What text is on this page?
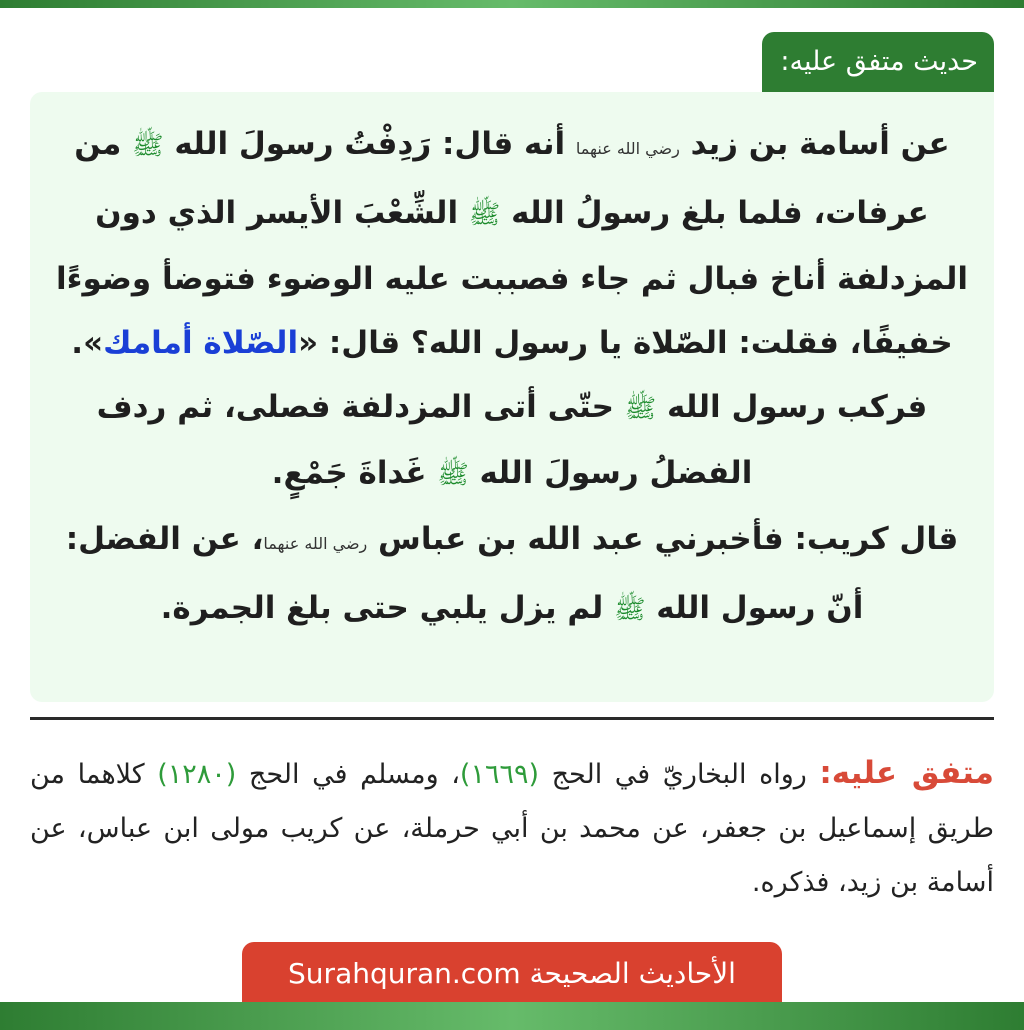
حديث متفق عليه:

عن أسامة بن زيد رضي الله عنهما أنه قال: رَدِفْتُ رسولَ الله ﷺ من عرفات، فلما بلغ رسولُ الله ﷺ الشِّعْبَ الأيسر الذي دون المزدلفة أناخ فبال ثم جاء فصببت عليه الوضوء فتوضأ وضوءًا خفيفًا، فقلت: الصّلاة يا رسول الله؟ قال: «الصّلاة أمامك». فركب رسول الله ﷺ حتّى أتى المزدلفة فصلى، ثم ردف الفضلُ رسولَ الله ﷺ غَداةَ جَمْعٍ.
قال كريب: فأخبرني عبد الله بن عباس رضي الله عنهما، عن الفضل: أنّ رسول الله ﷺ لم يزل يلبي حتى بلغ الجمرة.

متفق عليه: رواه البخاريّ في الحج (١٦٦٩)، ومسلم في الحج (١٢٨٠) كلاهما من طريق إسماعيل بن جعفر، عن محمد بن أبي حرملة، عن كريب مولى ابن عباس، عن أسامة بن زيد، فذكره.
الأحاديث الصحيحة Surahquran.com
